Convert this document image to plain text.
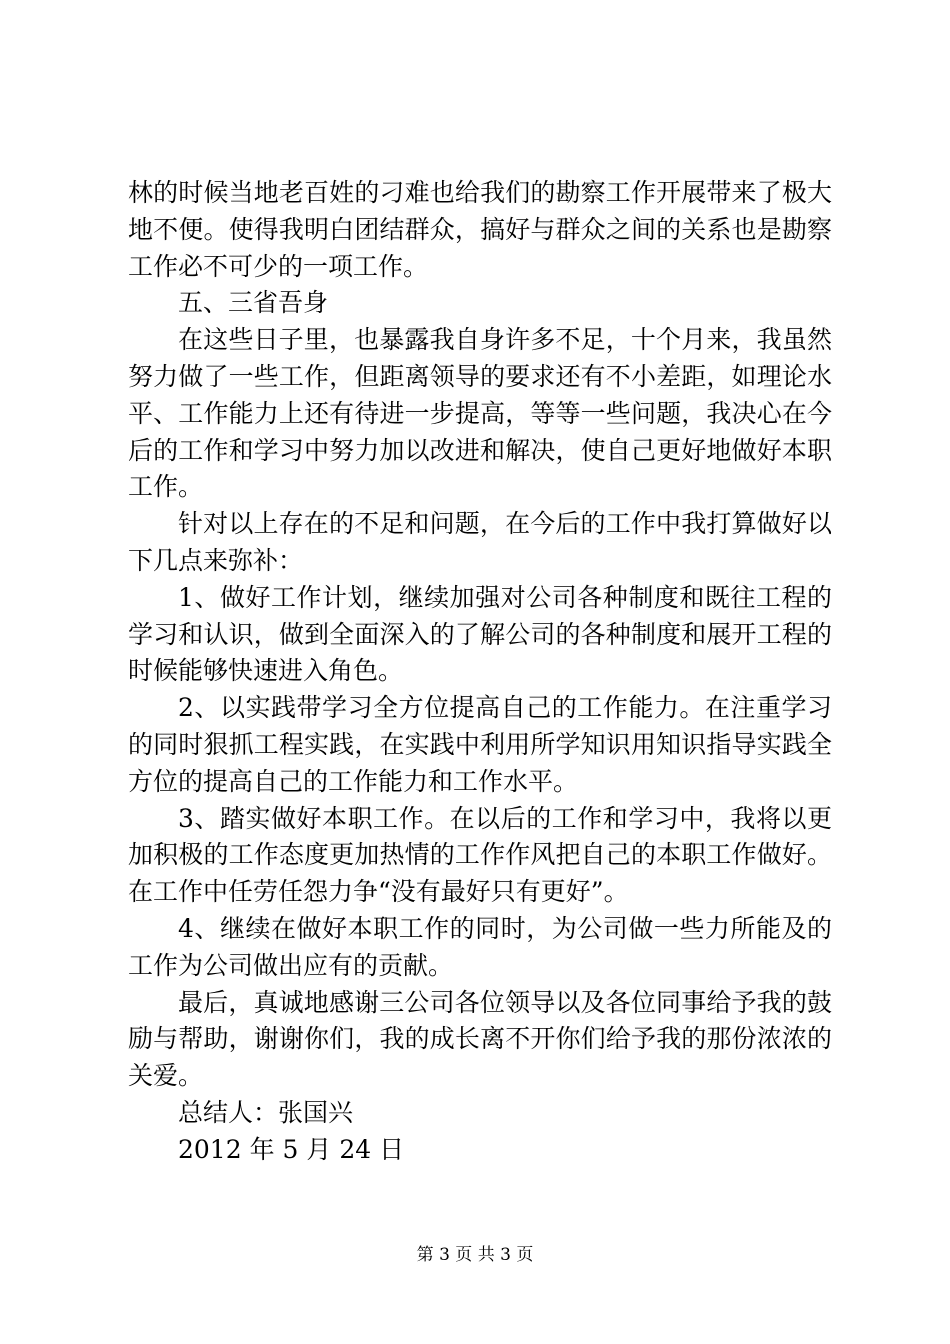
林的时候当地老百姓的刁难也给我们的勘察工作开展带来了极大地不便。使得我明白团结群众，搞好与群众之间的关系也是勘察工作必不可少的一项工作。

五、三省吾身

在这些日子里，也暴露我自身许多不足，十个月来，我虽然努力做了一些工作，但距离领导的要求还有不小差距，如理论水平、工作能力上还有待进一步提高，等等一些问题，我决心在今后的工作和学习中努力加以改进和解决，使自己更好地做好本职工作。

针对以上存在的不足和问题，在今后的工作中我打算做好以下几点来弥补：

1、做好工作计划，继续加强对公司各种制度和既往工程的学习和认识，做到全面深入的了解公司的各种制度和展开工程的时候能够快速进入角色。

2、以实践带学习全方位提高自己的工作能力。在注重学习的同时狠抓工程实践，在实践中利用所学知识用知识指导实践全方位的提高自己的工作能力和工作水平。

3、踏实做好本职工作。在以后的工作和学习中，我将以更加积极的工作态度更加热情的工作作风把自己的本职工作做好。在工作中任劳任怨力争“没有最好只有更好”。

4、继续在做好本职工作的同时，为公司做一些力所能及的工作为公司做出应有的贡献。

最后，真诚地感谢三公司各位领导以及各位同事给予我的鼓励与帮助，谢谢你们，我的成长离不开你们给予我的那份浓浓的关爱。

总结人：张国兴

2012 年 5 月 24 日

第 3 页 共 3 页
